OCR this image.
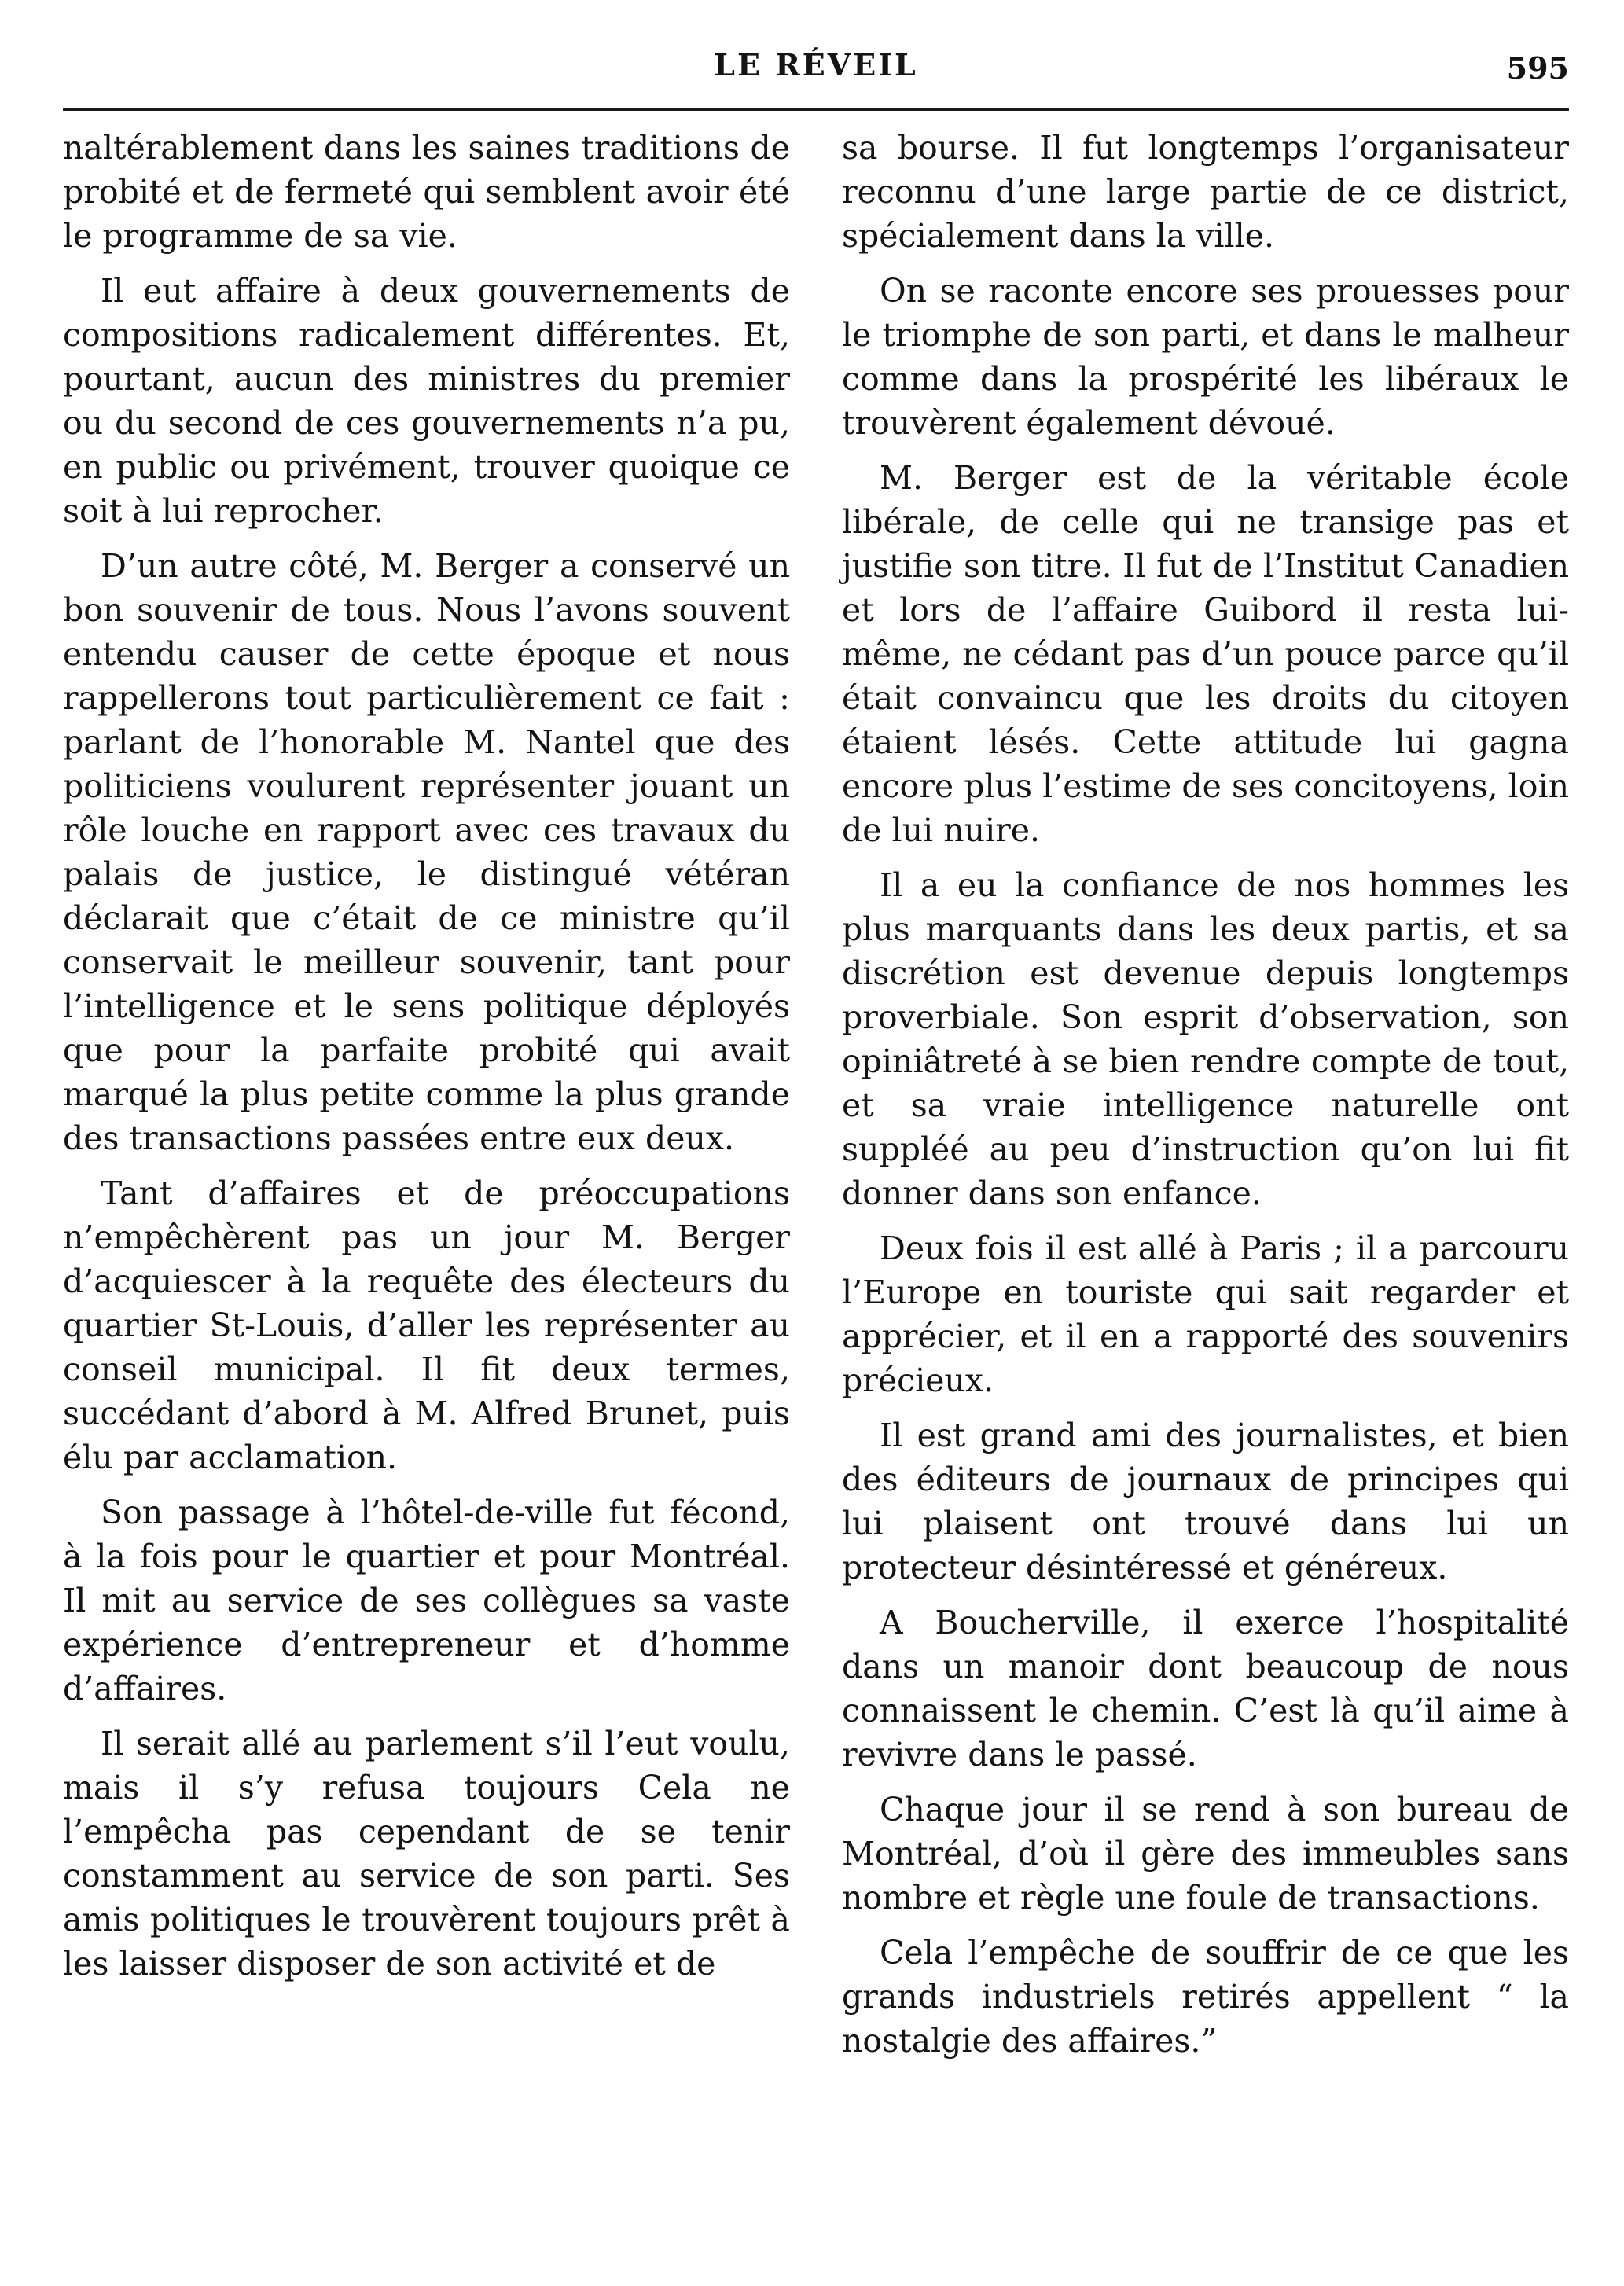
LE RÉVEIL	595

naltérablement dans les saines traditions de probité et de fermeté qui semblent avoir été le programme de sa vie.

Il eut affaire à deux gouvernements de compositions radicalement différentes. Et, pourtant, aucun des ministres du premier ou du second de ces gouvernements n’a pu, en public ou privément, trouver quoique ce soit à lui reprocher.

D’un autre côté, M. Berger a conservé un bon souvenir de tous. Nous l’avons souvent entendu causer de cette époque et nous rappellerons tout particulièrement ce fait : parlant de l’honorable M. Nantel que des politiciens voulurent représenter jouant un rôle louche en rapport avec ces travaux du palais de justice, le distingué vétéran déclarait que c’était de ce ministre qu’il conservait le meilleur souvenir, tant pour l’intelligence et le sens politique déployés que pour la parfaite probité qui avait marqué la plus petite comme la plus grande des transactions passées entre eux deux.

Tant d’affaires et de préoccupations n’empêchèrent pas un jour M. Berger d’acquiescer à la requête des électeurs du quartier St-Louis, d’aller les représenter au conseil municipal. Il fit deux termes, succédant d’abord à M. Alfred Brunet, puis élu par acclamation.

Son passage à l’hôtel-de-ville fut fécond, à la fois pour le quartier et pour Montréal. Il mit au service de ses collègues sa vaste expérience d’entrepreneur et d’homme d’affaires.

Il serait allé au parlement s’il l’eut voulu, mais il s’y refusa toujours Cela ne l’empêcha pas cependant de se tenir constamment au service de son parti. Ses amis politiques le trouvèrent toujours prêt à les laisser disposer de son activité et de

sa bourse. Il fut longtemps l’organisateur reconnu d’une large partie de ce district, spécialement dans la ville.

On se raconte encore ses prouesses pour le triomphe de son parti, et dans le malheur comme dans la prospérité les libéraux le trouvèrent également dévoué.

M. Berger est de la véritable école libérale, de celle qui ne transige pas et justifie son titre. Il fut de l’Institut Canadien et lors de l’affaire Guibord il resta lui-même, ne cédant pas d’un pouce parce qu’il était convaincu que les droits du citoyen étaient lésés. Cette attitude lui gagna encore plus l’estime de ses concitoyens, loin de lui nuire.

Il a eu la confiance de nos hommes les plus marquants dans les deux partis, et sa discrétion est devenue depuis longtemps proverbiale. Son esprit d’observation, son opiniâtreté à se bien rendre compte de tout, et sa vraie intelligence naturelle ont suppléé au peu d’instruction qu’on lui fit donner dans son enfance.

Deux fois il est allé à Paris ; il a parcouru l’Europe en touriste qui sait regarder et apprécier, et il en a rapporté des souvenirs précieux.

Il est grand ami des journalistes, et bien des éditeurs de journaux de principes qui lui plaisent ont trouvé dans lui un protecteur désintéressé et généreux.

A Boucherville, il exerce l’hospitalité dans un manoir dont beaucoup de nous connaissent le chemin. C’est là qu’il aime à revivre dans le passé.

Chaque jour il se rend à son bureau de Montréal, d’où il gère des immeubles sans nombre et règle une foule de transactions.

Cela l’empêche de souffrir de ce que les grands industriels retirés appellent “ la nostalgie des affaires.”
